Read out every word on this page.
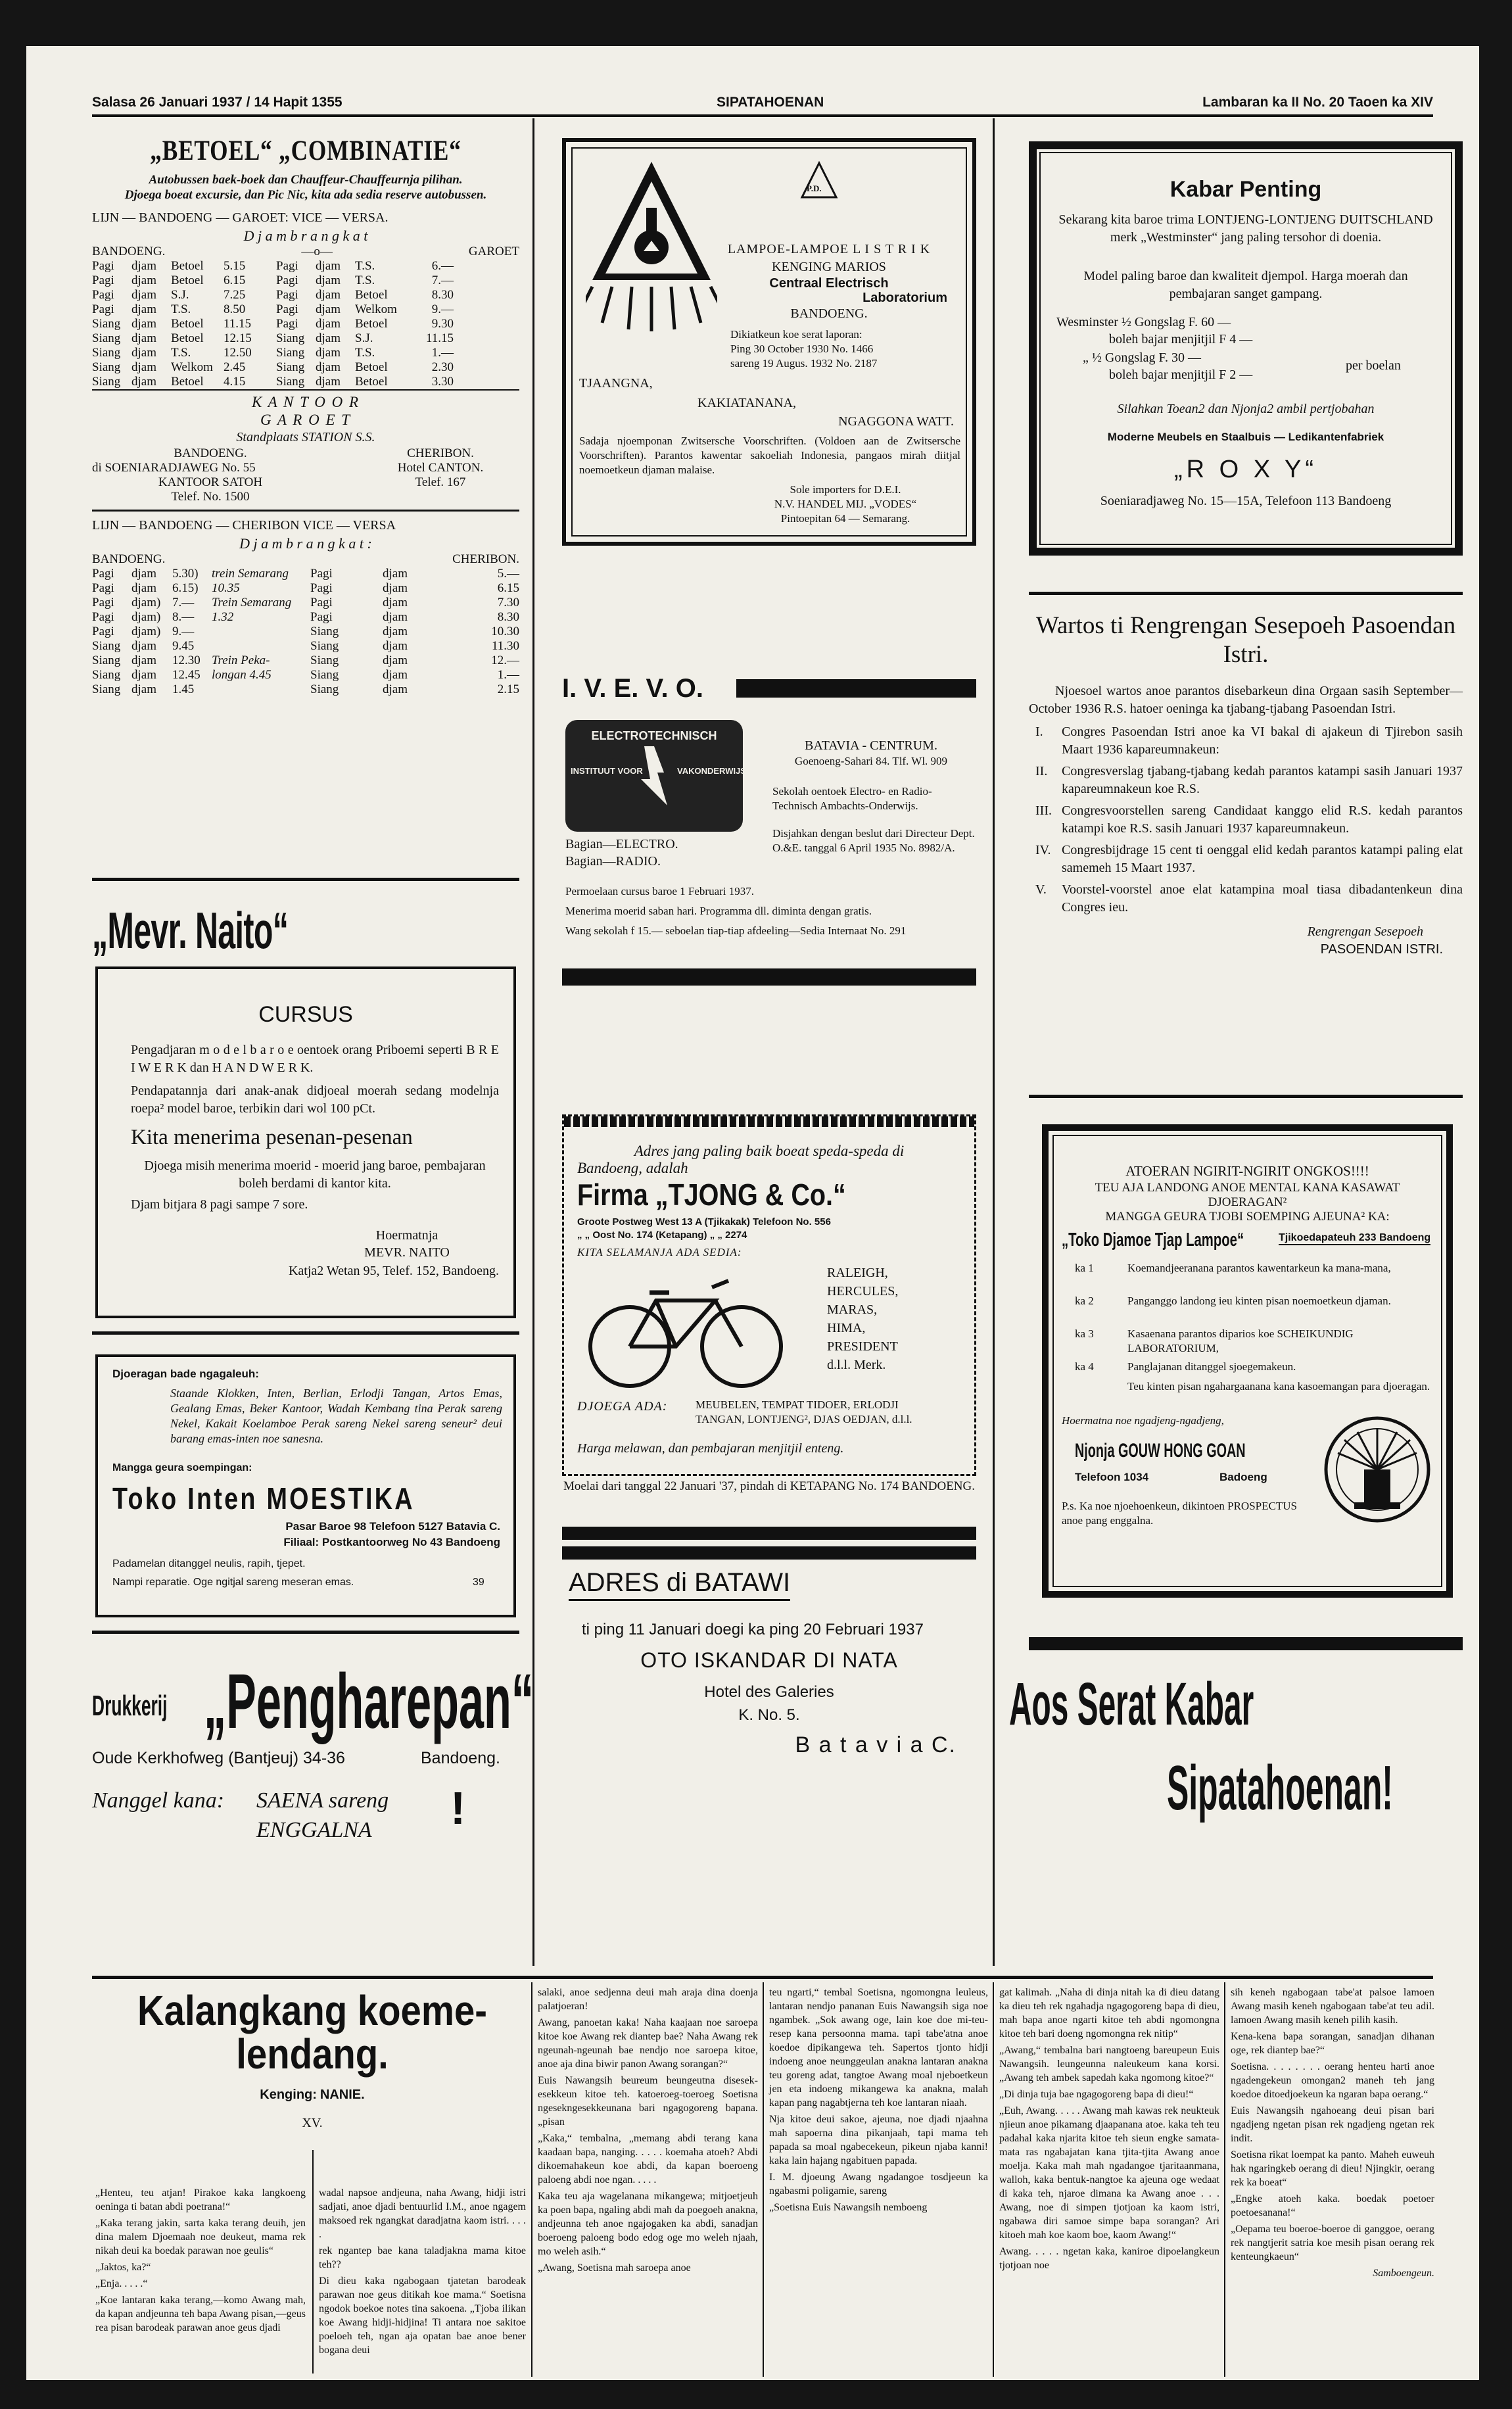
Salasa 26 Januari 1937 / 14 Hapit 1355	SIPATAHOENAN	Lambaran ka II No. 20 Taoen ka XIV
„BETOEL“ „COMBINATIE“
Autobussen baek-boek dan Chauffeur-Chauffeurnja pilihan.
Djoega boeat excursie, dan Pic Nic, kita ada sedia reserve autobussen.
LIJN — BANDOENG — GAROET: VICE — VERSA.
D j a m b r a n g k a t
BANDOENG.	—o—	GAROET
Pagi	djam	Betoel	5.15	Pagi	djam	T.S.	6.—
Pagi	djam	Betoel	6.15	Pagi	djam	T.S.	7.—
Pagi	djam	S.J.	7.25	Pagi	djam	Betoel	8.30
Pagi	djam	T.S.	8.50	Pagi	djam	Welkom	9.—
Siang djam	Betoel	11.15	Pagi	djam	Betoel	9.30
Siang djam	Betoel	12.15	Siang djam	S.J.	11.15
Siang djam	T.S.	12.50	Siang djam	T.S.	1.—
Siang djam	Welkom 2.45	Siang djam	Betoel	2.30
Siang djam	Betoel	4.15	Siang djam	Betoel	3.30
K A N T O O R
G A R O E T
Standplaats STATION S.S.
BANDOENG.
di SOENIARADJAWEG No. 55
KANTOOR SATOH
Telef. No. 1500
CHERIBON.
Hotel CANTON.
Telef. 167
LIJN — BANDOENG — CHERIBON VICE — VERSA
D j a m b r a n g k a t :
BANDOENG.	CHERIBON.
Pagi	djam	5.30)	trein Semarang	Pagi	djam	5.—
Pagi	djam	6.15)	10.35	Pagi	djam	6.15
Pagi	djam) 7.—	Trein Semarang	Pagi	djam	7.30
Pagi	djam) 8.—	1.32	Pagi	djam	8.30
Pagi	djam) 9.—	Siang	djam	10.30
Siang djam	9.45	Siang	djam	11.30
Siang djam	12.30 Trein Peka-	Siang	djam	12.—
Siang djam	12.45 longan 4.45	Siang	djam	1.—
Siang djam	1.45	Siang	djam	2.15
„Mevr. Naito“
CURSUS
Pengadjaran m o d e l b a r o e oentoek orang Priboemi seperti B R E I W E R K dan H A N D W E R K.
Pendapatannja dari anak-anak didjoeal moerah sedang modelnja roepa² model baroe, terbikin dari wol 100 pCt.
Kita menerima pesenan-pesenan
Djoega misih menerima moerid - moerid jang baroe, pembajaran boleh berdami di kantor kita.
Djam bitjara 8 pagi sampe 7 sore.
Hoermatnja
MEVR. NAITO
Katja2 Wetan 95, Telef. 152, Bandoeng.
Djoeragan bade ngagaleuh:
Staande Klokken, Inten, Berlian, Erlodji Tangan, Artos Emas, Gealang Emas, Beker Kantoor, Wadah Kembang tina Perak sareng Nekel, Kakait Koelamboe Perak sareng Nekel sareng seneur² deui barang emas-inten noe sanesna.
Mangga geura soempingan:
Toko Inten MOESTIKA
Pasar Baroe 98 Telefoon 5127 Batavia C.
Filiaal: Postkantoorweg No 43 Bandoeng
Padamelan ditanggel neulis, rapih, tjepet.
Nampi reparatie. Oge ngitjal sareng meseran emas.	39
Drukkerij „Pengharepan“
Oude Kerkhofweg (Bantjeuj) 34-36	Bandoeng.
Nanggel kana: SAENA sareng
ENGGALNA !
P.D.
LAMPOE-LAMPOE L I S T R I K
KENGING MARIOS
Centraal Electrisch
Laboratorium
BANDOENG.
Dikiatkeun koe serat laporan:
Ping 30 October 1930 No. 1466
sareng 19 Augus. 1932 No. 2187
TJAANGNA,
KAKIATANANA,
NGAGGONA WATT.
Sadaja njoemponan Zwitsersche Voorschriften. (Voldoen aan de Zwitsersche Voorschriften). Parantos kawentar sakoeliah Indonesia, pangaos mirah diitjal noemoetkeun djaman malaise.
Sole importers for D.E.I.
N.V. HANDEL MIJ. „VODES“
Pintoepitan 64 — Semarang.
I. V. E. V. O.
ELECTROTECHNISCH
INSTITUUT VOOR	VAKONDERWIJS
Bagian—ELECTRO.
Bagian—RADIO.
BATAVIA - CENTRUM.
Goenoeng-Sahari 84. Tlf. Wl. 909
Sekolah oentoek Electro- en Radio-Technisch Ambachts-Onderwijs.
Disjahkan dengan beslut dari Directeur Dept. O.&E. tanggal 6 April 1935 No. 8982/A.
Permoelaan cursus baroe 1 Februari 1937.
Menerima moerid saban hari. Programma dll. diminta dengan gratis.
Wang sekolah f 15.— seboelan tiap-tiap afdeeling—Sedia Internaat No. 291
Adres jang paling baik boeat speda-speda di
Bandoeng, adalah
Firma „TJONG & Co.“
Groote Postweg West 13 A (Tjikakak) Telefoon No. 556
„ „ Oost No. 174 (Ketapang) „ „ 2274
KITA SELAMANJA ADA SEDIA:
RALEIGH,
HERCULES,
MARAS,
HIMA,
PRESIDENT
d.l.l. Merk.
DJOEGA ADA:	MEUBELEN, TEMPAT TIDOER, ERLODJI TANGAN, LONTJENG², DJAS OEDJAN, d.l.l.
Harga melawan, dan pembajaran menjitjil enteng.
Moelai dari tanggal 22 Januari '37, pindah di KETAPANG No. 174 BANDOENG.
ADRES di BATAWI
ti ping 11 Januari doegi ka ping 20 Februari 1937
OTO ISKANDAR DI NATA
Hotel des Galeries
K. No. 5.
B a t a v i a C.
Kabar Penting
Sekarang kita baroe trima LONTJENG-LONTJENG DUITSCHLAND merk „Westminster“ jang paling tersohor di doenia.
Model paling baroe dan kwaliteit djempol. Harga moerah dan pembajaran sanget gampang.
Wesminster ½ Gongslag F. 60 —
boleh bajar menjitjil F 4 —
„ ½ Gongslag F. 30 —
boleh bajar menjitjil F 2 —
per boelan
Silahkan Toean2 dan Njonja2 ambil pertjobahan
Moderne Meubels en Staalbuis — Ledikantenfabriek
„R O X Y“
Soeniaradjaweg No. 15—15A, Telefoon 113 Bandoeng
Wartos ti Rengrengan Sesepoeh Pasoendan Istri.
Njoesoel wartos anoe parantos disebarkeun dina Orgaan sasih September—October 1936 R.S. hatoer oeninga ka tjabang-tjabang Pasoendan Istri.
I.	Congres Pasoendan Istri anoe ka VI bakal di ajakeun di Tjirebon sasih Maart 1936 kapareumnakeun:
II.	Congresverslag tjabang-tjabang kedah parantos katampi sasih Januari 1937 kapareumnakeun koe R.S.
III. Congresvoorstellen sareng Candidaat kanggo elid R.S. kedah parantos katampi koe R.S. sasih Januari 1937 kapareumnakeun.
IV. Congresbijdrage 15 cent ti oenggal elid kedah parantos katampi paling elat samemeh 15 Maart 1937.
V.	Voorstel-voorstel anoe elat katampina moal tiasa dibadantenkeun dina Congres ieu.
Rengrengan Sesepoeh
PASOENDAN ISTRI.
ATOERAN NGIRIT-NGIRIT ONGKOS!!!!
TEU AJA LANDONG ANOE MENTAL KANA KASAWAT DJOERAGAN²
MANGGA GEURA TJOBI SOEMPING AJEUNA² KA:
„Toko Djamoe Tjap Lampoe“	Tjikoedapateuh 233 Bandoeng
ka 1	Koemandjeeranana parantos kawentarkeun ka mana-mana,
ka 2	Panganggo landong ieu kinten pisan noemoetkeun djaman.
ka 3	Kasaenana parantos diparios koe SCHEIKUNDIG LABORATORIUM,
ka 4	Panglajanan ditanggel sjoegemakeun.
Teu kinten pisan ngahargaanana kana kasoemangan para djoeragan.
Hoermatna noe ngadjeng-ngadjeng,
Njonja GOUW HONG GOAN
Telefoon 1034	Badoeng
P.s. Ka noe njoehoenkeun, dikintoen PROSPECTUS anoe pang enggalna.
Aos Serat Kabar
Sipatahoenan!
Kalangkang koeme-
lendang.
Kenging: NANIE.
XV.

„Henteu, teu atjan! Pirakoe kaka langkoeng oeninga ti batan abdi poetrana!“

„Kaka terang jakin, sarta kaka terang deuih, jen dina malem Djoemaah noe deukeut, mama rek nikah deui ka boedak parawan noe geulis“

„Jaktos, ka?“

„Enja. . . . .“

„Koe lantaran kaka terang,—komo Awang mah, da kapan andjeunna teh bapa Awang pisan,—geus rea pisan barodeak parawan anoe geus djadi

wadal napsoe andjeuna, naha Awang, hidji istri sadjati, anoe djadi bentuurlid I.M., anoe ngagem maksoed rek ngangkat daradjatna kaom istri. . . . .

rek ngantep bae kana taladjakna mama kitoe teh??

Di dieu kaka ngabogaan tjatetan barodeak parawan noe geus ditikah koe mama.“ Soetisna ngodok boekoe notes tina sakoena. „Tjoba ilikan koe Awang hidji-hidjina! Ti antara noe sakitoe poeloeh teh, ngan aja opatan bae anoe bener bogana deui

salaki, anoe sedjenna deui mah araja dina doenja palatjoeran!

Awang, panoetan kaka! Naha kaajaan noe saroepa kitoe koe Awang rek diantep bae? Naha Awang rek ngeunah-ngeunah bae nendjo noe saroepa kitoe, anoe aja dina biwir panon Awang sorangan?“

Euis Nawangsih beureum beungeutna disesek-esekkeun kitoe teh. katoeroeg-toeroeg Soetisna ngesekngesekkeunana bari ngagogoreng bapana. „pisan

„Kaka,“ tembalna, „memang abdi terang kana kaadaan bapa, nanging. . . . . koemaha atoeh? Abdi dikoemahakeun koe abdi, da kapan boeroeng paloeng abdi noe ngan. . . . .

Kaka teu aja wagelanana mikangewa; mitjoetjeuh ka poen bapa, ngaling abdi mah da poegoeh anakna, andjeunna teh anoe ngajogaken ka abdi, sanadjan boeroeng paloeng bodo edog oge mo weleh njaah, mo weleh asih.“

„Awang, Soetisna mah saroepa anoe

teu ngarti,“ tembal Soetisna, ngomongna leuleus, lantaran nendjo pananan Euis Nawangsih siga noe ngambek. „Sok awang oge, lain koe doe mi-teu-resep kana persoonna mama. tapi tabe'atna anoe koedoe dipikangewa teh. Sapertos tjonto hidji indoeng anoe neunggeulan anakna lantaran anakna teu goreng adat, tangtoe Awang moal njeboetkeun jen eta indoeng mikangewa ka anakna, malah kapan pang nagabtjerna teh koe lantaran niaah.

Nja kitoe deui sakoe, ajeuna, noe djadi njaahna mah sapoerna dina pikanjaah, tapi mama teh papada sa moal ngabecekeun, pikeun njaba kanni! kaka lain hajang ngabituen papada.

I. M. djoeung Awang ngadangoe tosdjeeun ka ngabasmi poligamie, sareng

„Soetisna Euis Nawangsih nemboeng

gat kalimah. „Naha di dinja nitah ka di dieu datang ka dieu teh rek ngahadja ngagogoreng bapa di dieu, mah bapa anoe ngarti kitoe teh abdi ngomongna kitoe teh bari doeng ngomongna rek nitip“

„Awang,“ tembalna bari nangtoeng bareupeun Euis Nawangsih. leungeunna naleukeum kana korsi. „Awang teh ambek sapedah kaka ngomong kitoe?“

„Di dinja tuja bae ngagogoreng bapa di dieu!“

„Euh, Awang. . . . . Awang mah kawas rek neukteuk njieun anoe pikamang djaapanana atoe. kaka teh teu padahal kaka njarita kitoe teh sieun engke samata-mata ras ngabajatan kana tjita-tjita Awang anoe moelja. Kaka mah mah ngadangoe tjaritaanmana, walloh, kaka bentuk-nangtoe ka ajeuna oge wedaat di kaka teh, njaroe dimana ka Awang anoe . . . Awang, noe di simpen tjotjoan ka kaom istri, ngabawa diri samoe simpe bapa sorangan? Ari kitoeh mah koe kaom boe, kaom Awang!“

Awang. . . . . ngetan kaka, kaniroe dipoelangkeun tjotjoan noe

sih keneh ngabogaan tabe'at palsoe lamoen Awang masih keneh ngabogaan tabe'at teu adil. lamoen Awang masih keneh pilih kasih.

Kena-kena bapa sorangan, sanadjan dihanan oge, rek diantep bae?“

Soetisna. . . . . . . . oerang henteu harti anoe ngadengekeun omongan2 maneh teh jang koedoe ditoedjoekeun ka ngaran bapa oerang.“

Euis Nawangsih ngahoeang deui pisan bari ngadjeng ngetan pisan rek ngadjeng ngetan rek indit.

Soetisna rikat loempat ka panto. Maheh euweuh hak ngaringkeb oerang di dieu! Njingkir, oerang rek ka boeat“

„Engke atoeh kaka. boedak poetoer poetoesanana!“

„Oepama teu boeroe-boeroe di ganggoe, oerang rek nangtjerit satria koe mesih pisan oerang rek kenteungkaeun“

Samboengeun.
